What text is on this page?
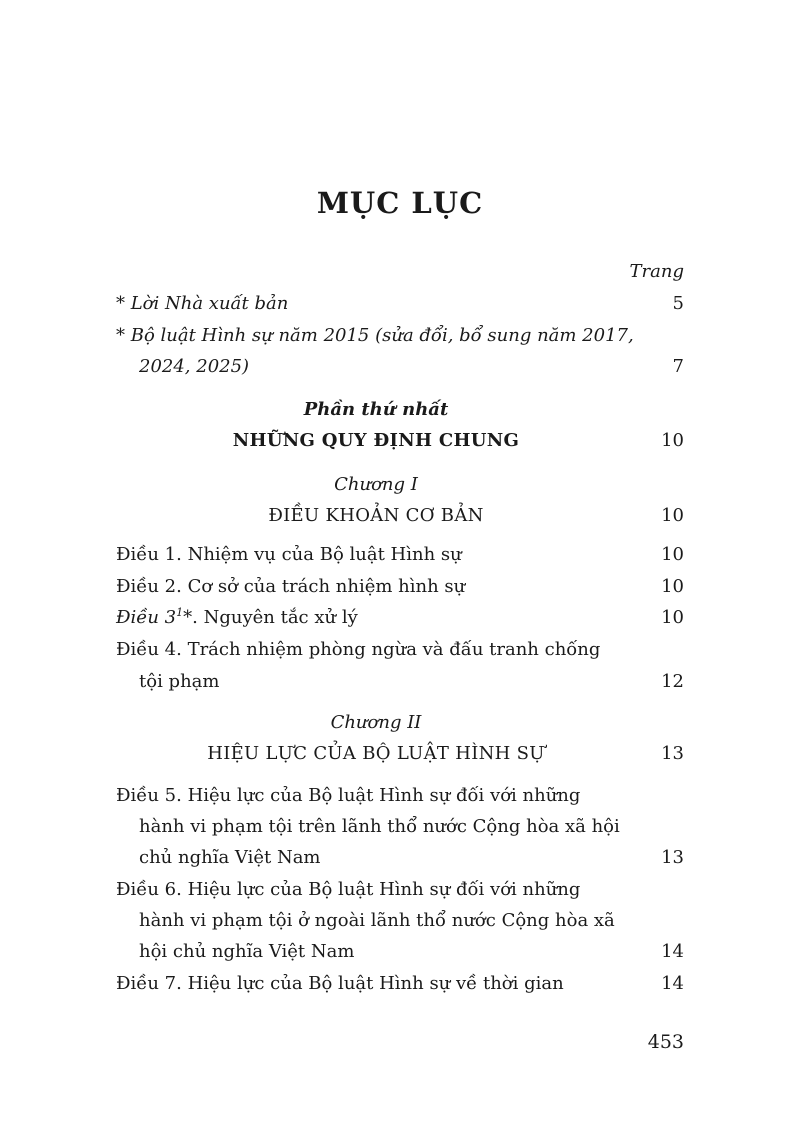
MỤC LỤC
Trang
* Lời Nhà xuất bản	5
* Bộ luật Hình sự năm 2015 (sửa đổi, bổ sung năm 2017,
2024, 2025)	7
Phần thứ nhất
NHỮNG QUY ĐỊNH CHUNG	10
Chương I
ĐIỀU KHOẢN CƠ BẢN	10
Điều 1. Nhiệm vụ của Bộ luật Hình sự	10
Điều 2. Cơ sở của trách nhiệm hình sự	10
Điều $3^1*$. Nguyên tắc xử lý	10
Điều 4. Trách nhiệm phòng ngừa và đấu tranh chống
tội phạm	12
Chương II
HIỆU LỰC CỦA BỘ LUẬT HÌNH SỰ	13
Điều 5. Hiệu lực của Bộ luật Hình sự đối với những
hành vi phạm tội trên lãnh thổ nước Cộng hòa xã hội
chủ nghĩa Việt Nam	13
Điều 6. Hiệu lực của Bộ luật Hình sự đối với những
hành vi phạm tội ở ngoài lãnh thổ nước Cộng hòa xã
hội chủ nghĩa Việt Nam	14
Điều 7. Hiệu lực của Bộ luật Hình sự về thời gian	14
453
